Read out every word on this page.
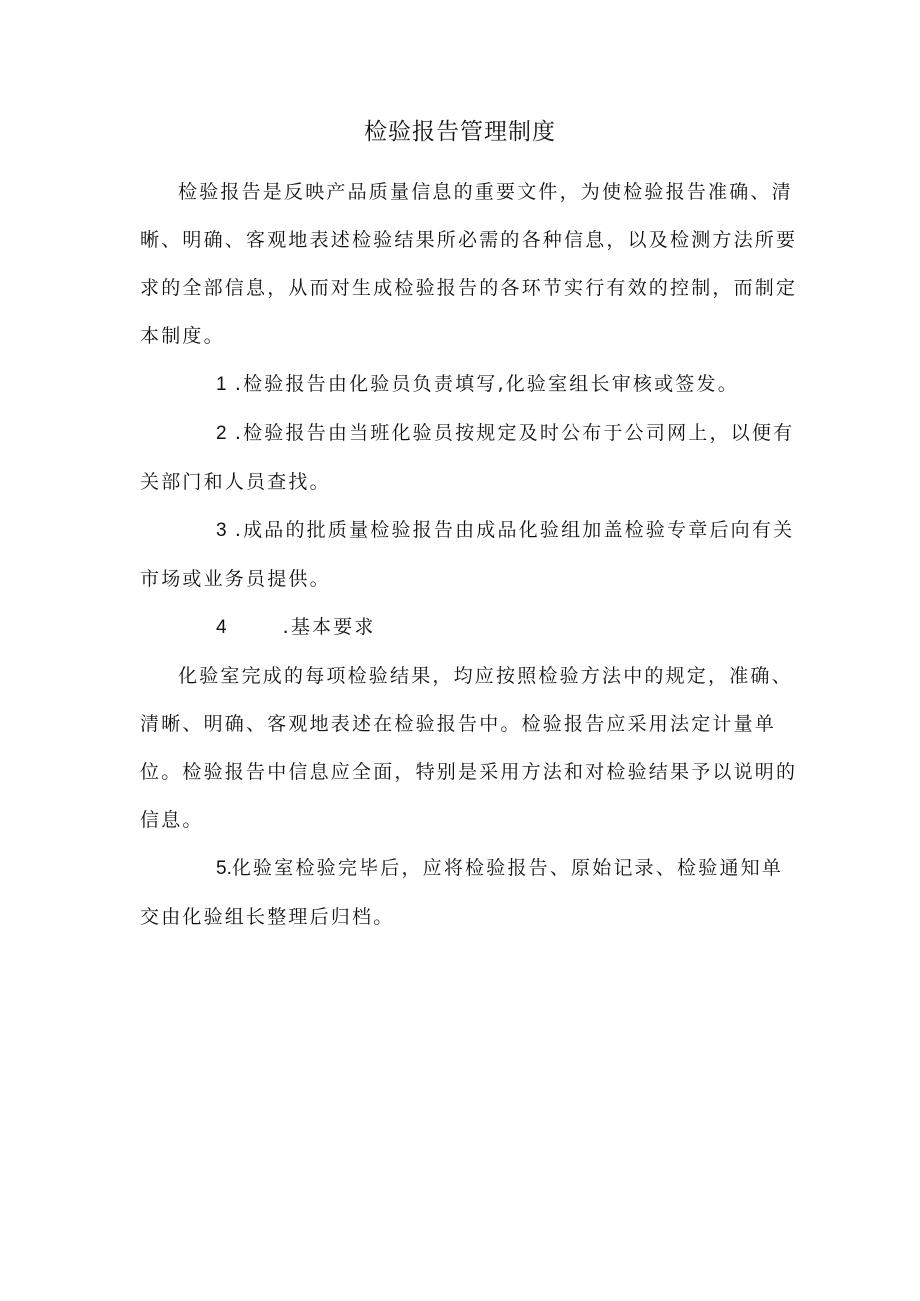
检验报告管理制度

检验报告是反映产品质量信息的重要文件，为使检验报告准确、清晰、明确、客观地表述检验结果所必需的各种信息，以及检测方法所要求的全部信息，从而对生成检验报告的各环节实行有效的控制，而制定本制度。

1 .检验报告由化验员负责填写,化验室组长审核或签发。

2 .检验报告由当班化验员按规定及时公布于公司网上，以便有关部门和人员查找。

3 .成品的批质量检验报告由成品化验组加盖检验专章后向有关市场或业务员提供。

4	.基本要求

化验室完成的每项检验结果，均应按照检验方法中的规定，准确、清晰、明确、客观地表述在检验报告中。检验报告应采用法定计量单位。检验报告中信息应全面，特别是采用方法和对检验结果予以说明的信息。

5.化验室检验完毕后，应将检验报告、原始记录、检验通知单交由化验组长整理后归档。
